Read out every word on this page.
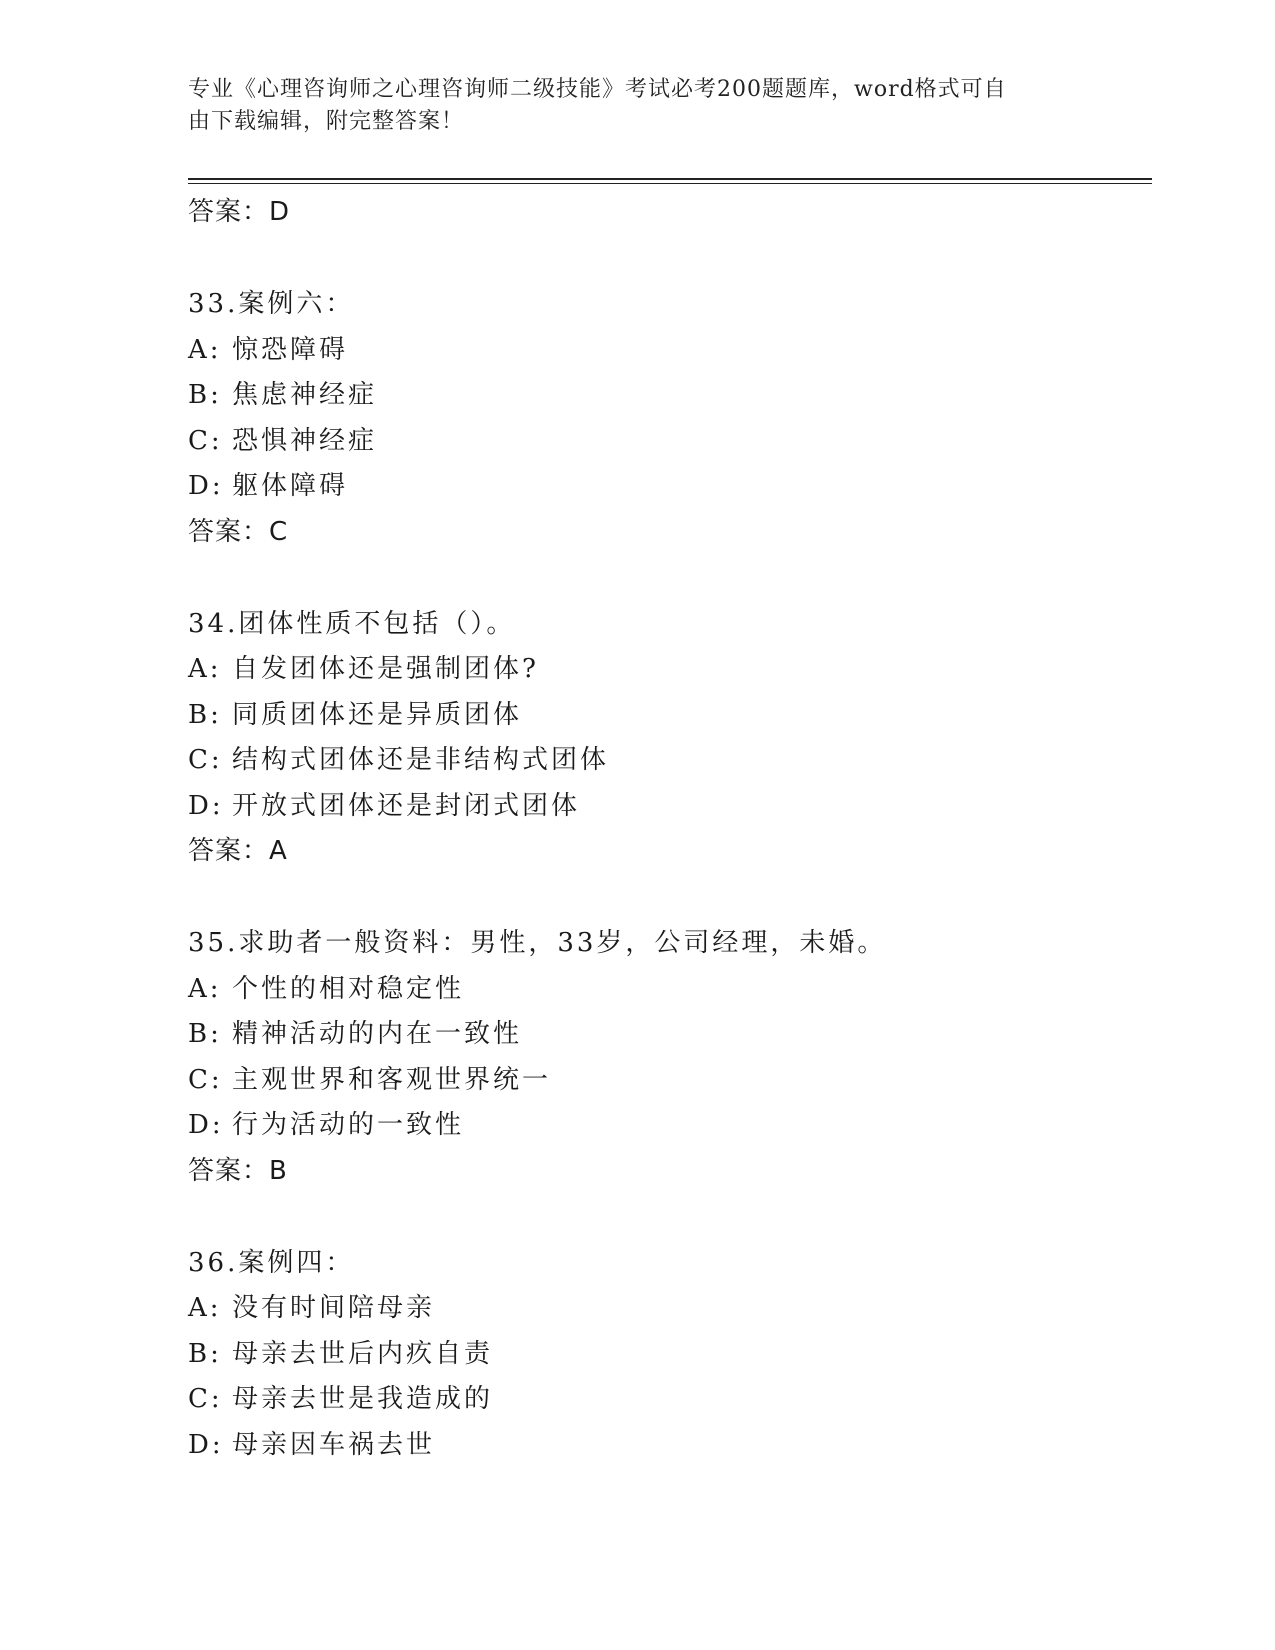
专业《心理咨询师之心理咨询师二级技能》考试必考200题题库，word格式可自
由下载编辑，附完整答案！
答案：D
33.案例六：
A: 惊恐障碍
B: 焦虑神经症
C: 恐惧神经症
D: 躯体障碍
答案：C
34.团体性质不包括（）。
A: 自发团体还是强制团体?
B: 同质团体还是异质团体
C: 结构式团体还是非结构式团体
D: 开放式团体还是封闭式团体
答案：A
35.求助者一般资料：男性，33岁，公司经理，未婚。
A: 个性的相对稳定性
B: 精神活动的内在一致性
C: 主观世界和客观世界统一
D: 行为活动的一致性
答案：B
36.案例四：
A: 没有时间陪母亲
B: 母亲去世后内疚自责
C: 母亲去世是我造成的
D: 母亲因车祸去世
